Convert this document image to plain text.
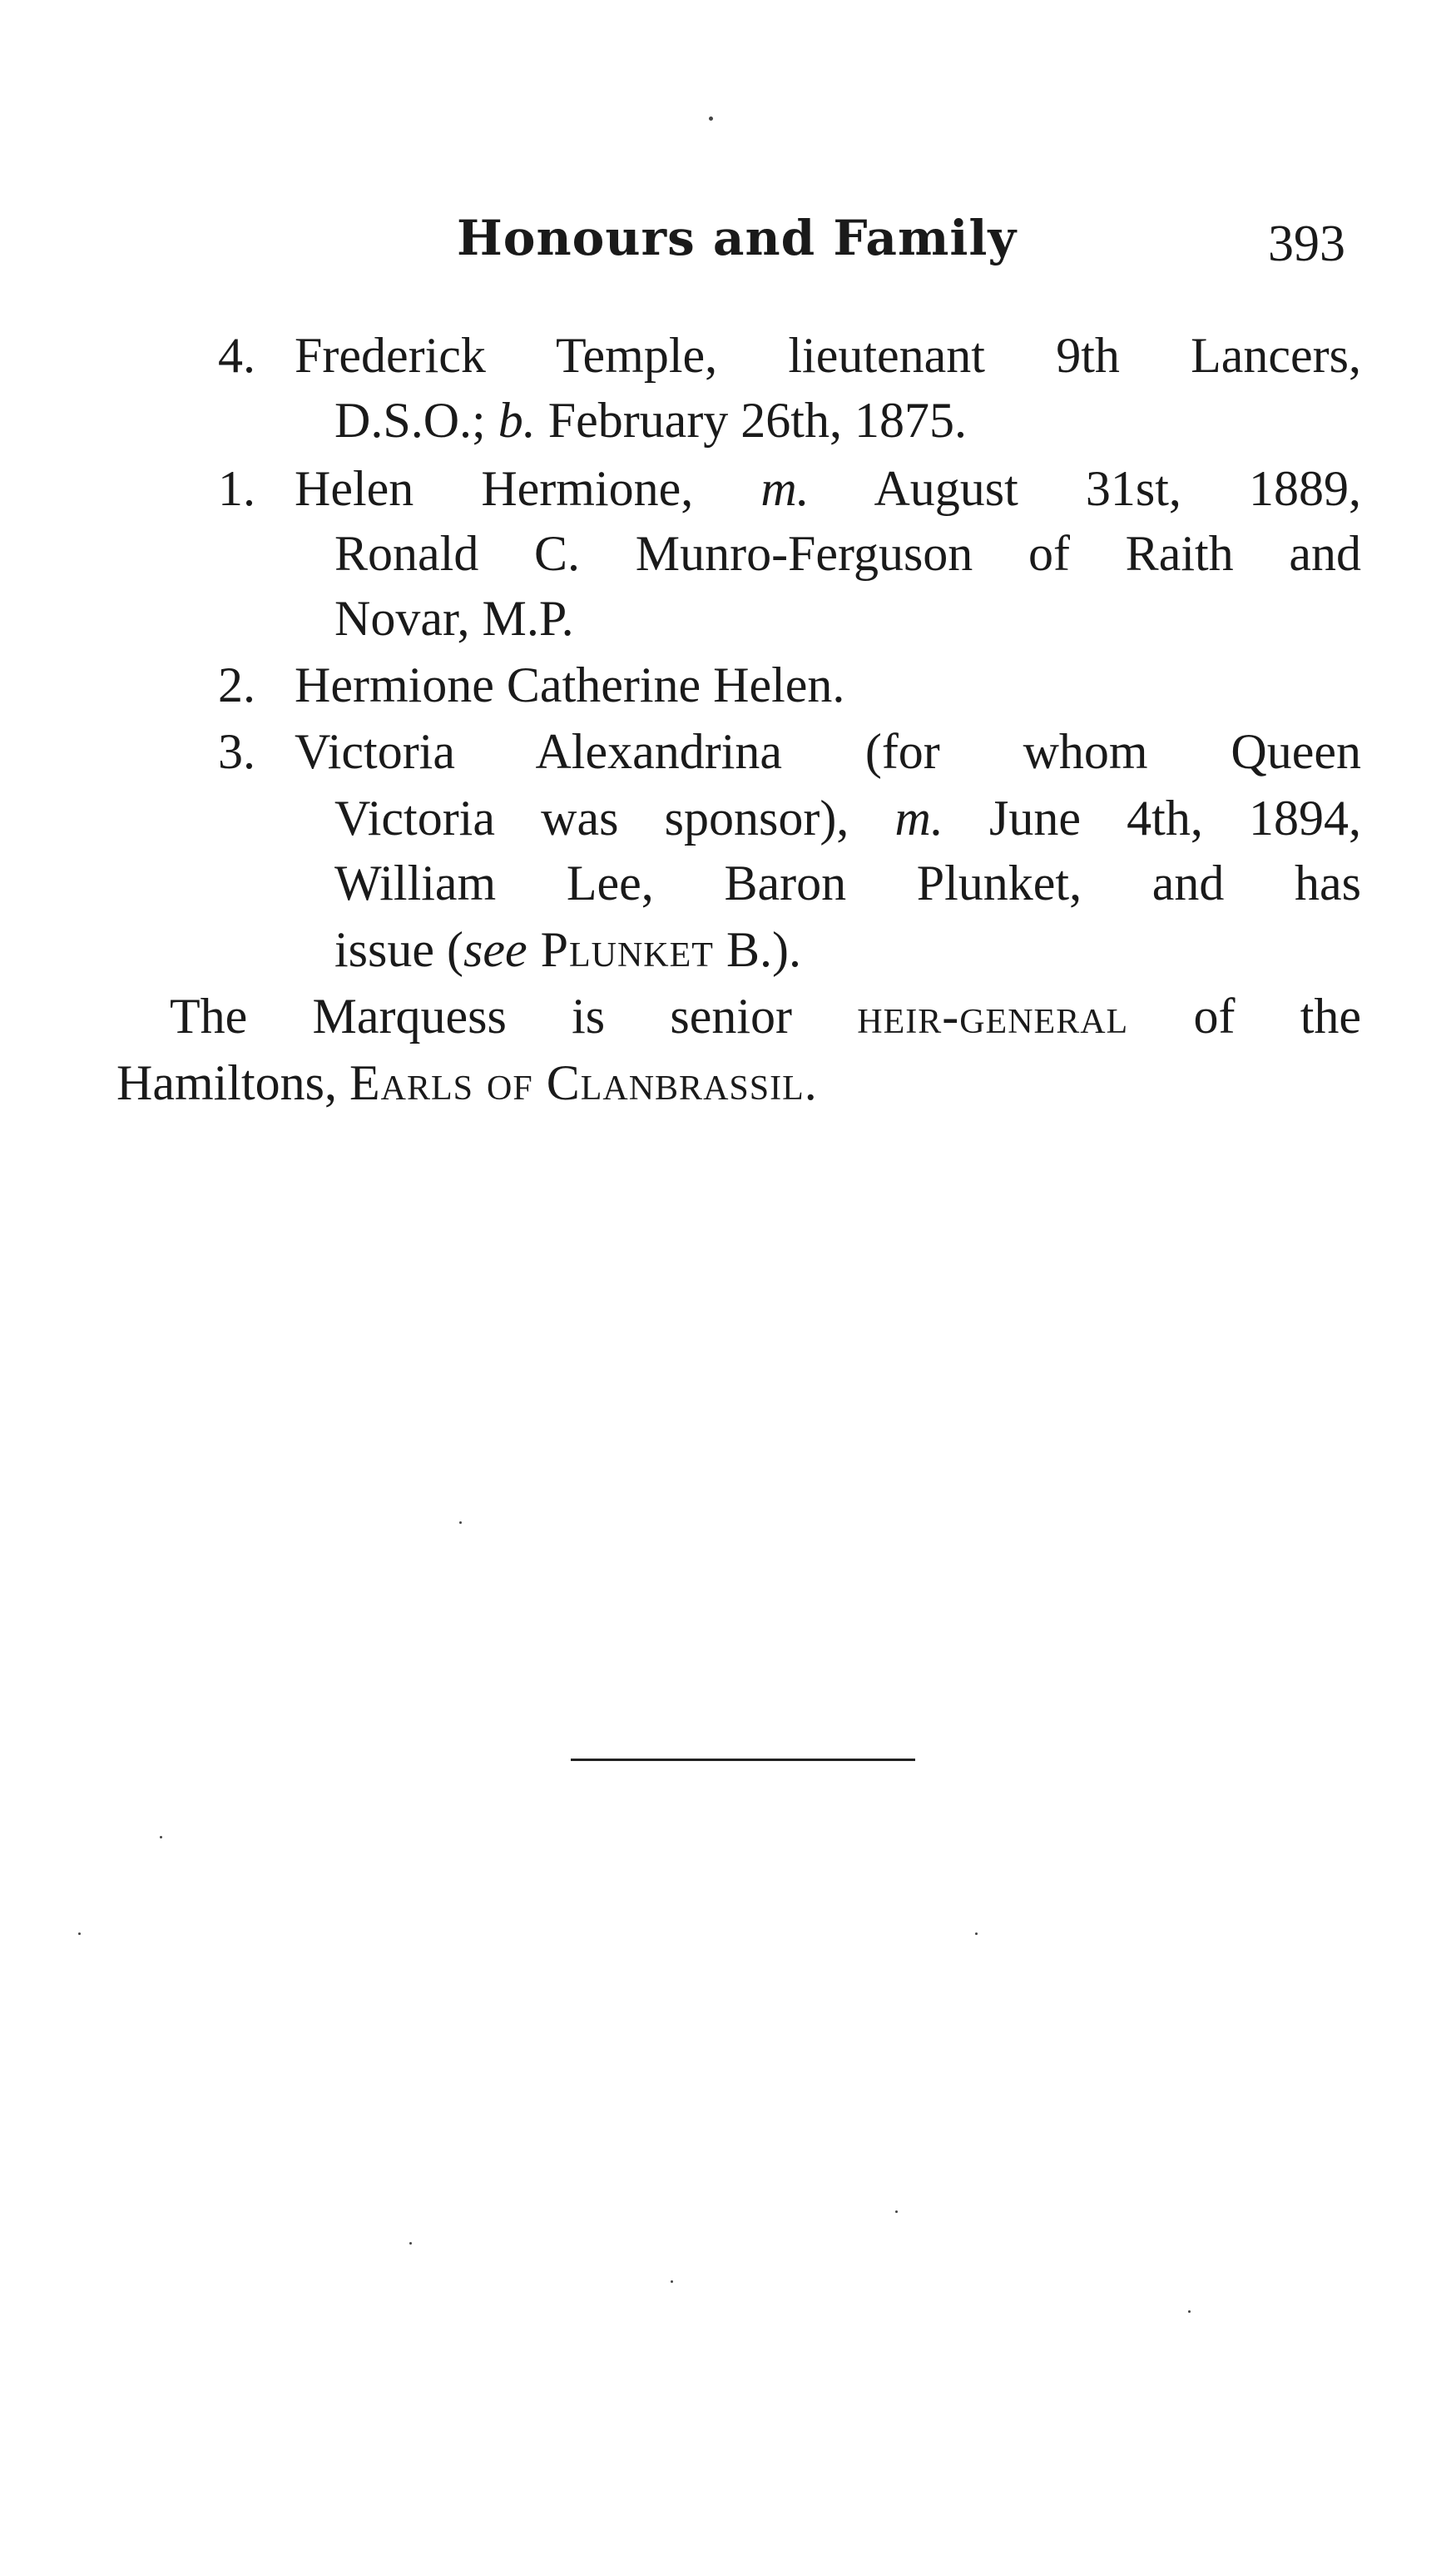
Honours and Family	393
4. Frederick Temple, lieutenant 9th Lancers,
D.S.O.; b. February 26th, 1875.
1. Helen Hermione, m. August 31st, 1889,
Ronald C. Munro-Ferguson of Raith and
Novar, M.P.
2. Hermione Catherine Helen.
3. Victoria Alexandrina (for whom Queen
Victoria was sponsor), m. June 4th, 1894,
William Lee, Baron Plunket, and has
issue (see Plunket B.).
The Marquess is senior heir-general of the
Hamiltons, Earls of Clanbrassil.
